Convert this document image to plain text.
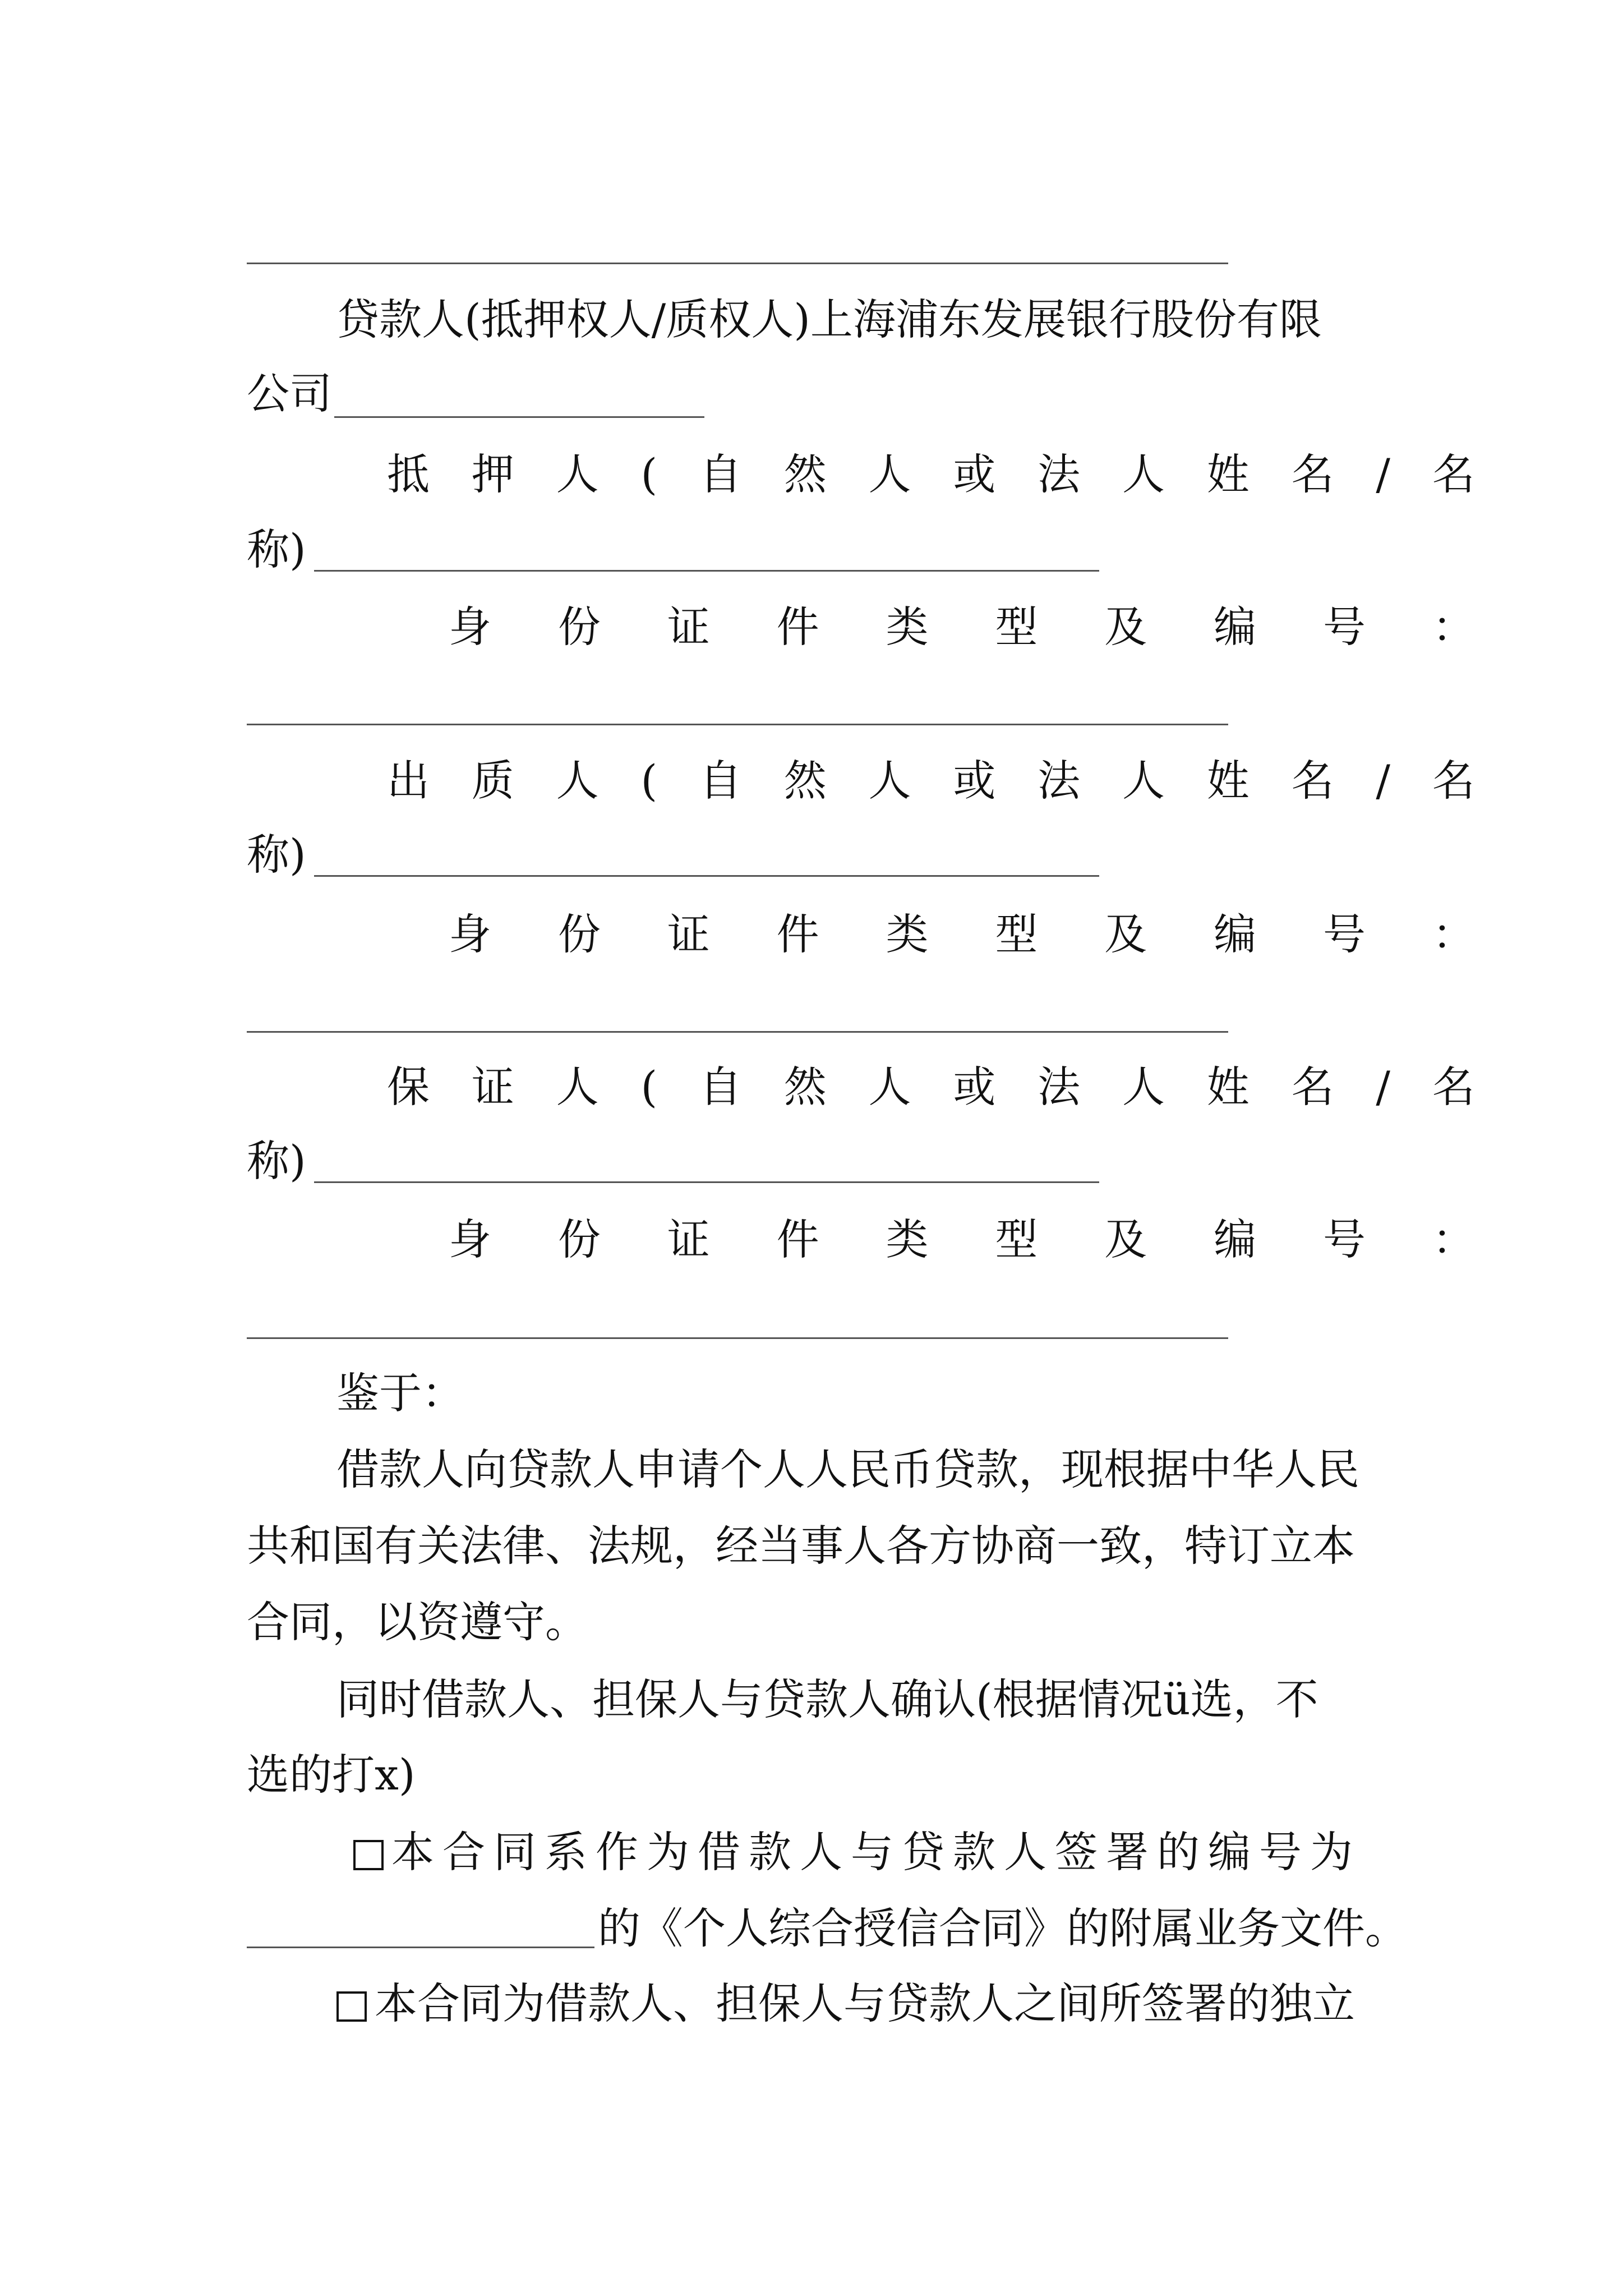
贷款人(抵押权人/质权人)上海浦东发展银行股份有限
公司
抵 押 人 ( 自 然 人 或 法 人 姓 名 / 名
称)
身 份 证 件 类 型 及 编 号 ：
出 质 人 ( 自 然 人 或 法 人 姓 名 / 名
称)
身 份 证 件 类 型 及 编 号 ：
保 证 人 ( 自 然 人 或 法 人 姓 名 / 名
称)
身 份 证 件 类 型 及 编 号 ：
鉴于：
借款人向贷款人申请个人人民币贷款，现根据中华人民
共和国有关法律、法规，经当事人各方协商一致，特订立本
合同，以资遵守。
同时借款人、担保人与贷款人确认(根据情况ü选，不
选的打x)
本合同系作为借款人与贷款人签署的编号为
的《个人综合授信合同》的附属业务文件。
本合同为借款人、担保人与贷款人之间所签署的独立
